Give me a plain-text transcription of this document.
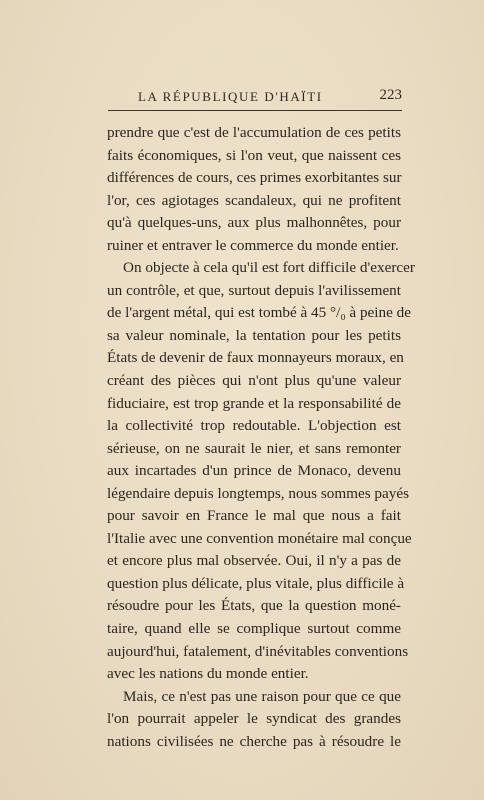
LA RÉPUBLIQUE D'HAÏTI	223
prendre que c'est de l'accumulation de ces petits
faits économiques, si l'on veut, que naissent ces
différences de cours, ces primes exorbitantes sur
l'or, ces agiotages scandaleux, qui ne profitent
qu'à quelques-uns, aux plus malhonnêtes, pour
ruiner et entraver le commerce du monde entier.
On objecte à cela qu'il est fort difficile d'exercer
un contrôle, et que, surtout depuis l'avilissement
de l'argent métal, qui est tombé à 45 °/₀ à peine de
sa valeur nominale, la tentation pour les petits
États de devenir de faux monnayeurs moraux, en
créant des pièces qui n'ont plus qu'une valeur
fiduciaire, est trop grande et la responsabilité de
la collectivité trop redoutable. L'objection est
sérieuse, on ne saurait le nier, et sans remonter
aux incartades d'un prince de Monaco, devenu
légendaire depuis longtemps, nous sommes payés
pour savoir en France le mal que nous a fait
l'Italie avec une convention monétaire mal conçue
et encore plus mal observée. Oui, il n'y a pas de
question plus délicate, plus vitale, plus difficile à
résoudre pour les États, que la question moné-
taire, quand elle se complique surtout comme
aujourd'hui, fatalement, d'inévitables conventions
avec les nations du monde entier.
Mais, ce n'est pas une raison pour que ce que
l'on pourrait appeler le syndicat des grandes
nations civilisées ne cherche pas à résoudre le
